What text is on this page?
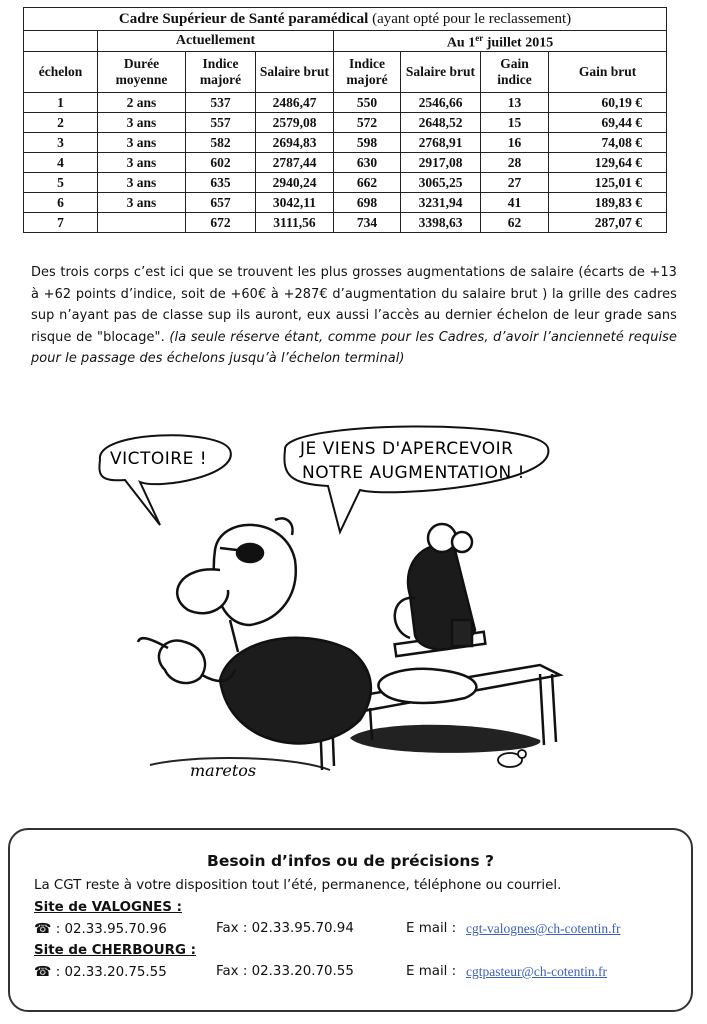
Cadre Supérieur de Santé paramédical (ayant opté pour le reclassement)							
	Actuellement			Au 1er juillet 2015			
échelon	Durée moyenne	Indice majoré	Salaire brut	Indice majoré	Salaire brut	Gain indice	Gain brut
1	2 ans	537	2486,47	550	2546,66	13	60,19 €
2	3 ans	557	2579,08	572	2648,52	15	69,44 €
3	3 ans	582	2694,83	598	2768,91	16	74,08 €
4	3 ans	602	2787,44	630	2917,08	28	129,64 €
5	3 ans	635	2940,24	662	3065,25	27	125,01 €
6	3 ans	657	3042,11	698	3231,94	41	189,83 €
7		672	3111,56	734	3398,63	62	287,07 €
Des trois corps c’est ici que se trouvent les plus grosses augmentations de salaire (écarts de +13 à +62 points d’indice, soit de +60€ à +287€ d’augmentation du salaire brut ) la grille des cadres sup n’ayant pas de classe sup ils auront, eux aussi l’accès au dernier échelon de leur grade sans risque de "blocage". (la seule réserve étant, comme pour les Cadres, d’avoir l’ancienneté requise pour le passage des échelons jusqu’à l’échelon terminal)
VICTOIRE !	JE VIENS D'APERCEVOIR
NOTRE AUGMENTATION !
maretos
Besoin d’infos ou de précisions ?
La CGT reste à votre disposition tout l’été, permanence, téléphone ou courriel.
Site de VALOGNES :
☎ : 02.33.95.70.96	Fax : 02.33.95.70.94	E mail : cgt-valognes@ch-cotentin.fr
Site de CHERBOURG :
☎ : 02.33.20.75.55	Fax : 02.33.20.70.55	E mail : cgtpasteur@ch-cotentin.fr
